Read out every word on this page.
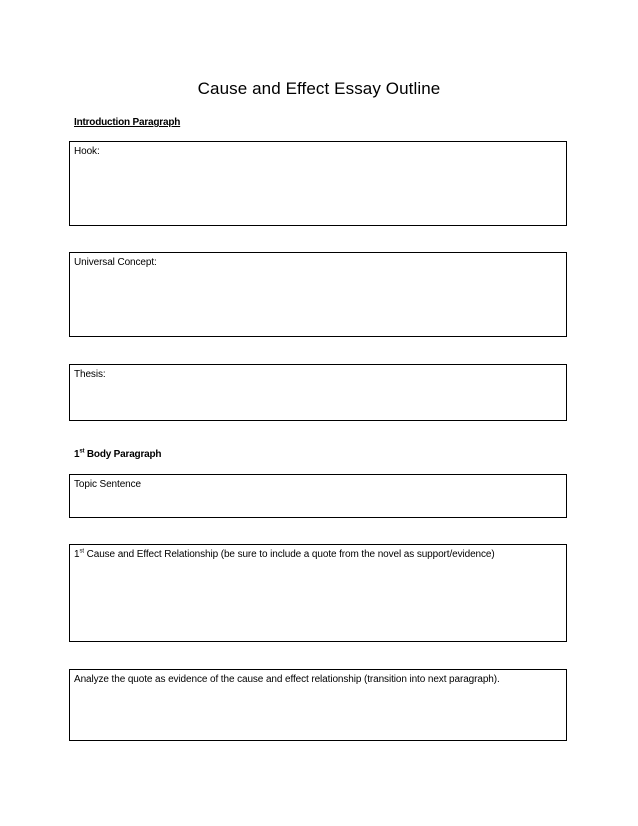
Cause and Effect Essay Outline
Introduction Paragraph
Hook:
Universal Concept:
Thesis:
1st Body Paragraph
Topic Sentence
1st Cause and Effect Relationship (be sure to include a quote from the novel as support/evidence)
Analyze the quote as evidence of the cause and effect relationship (transition into next paragraph).
